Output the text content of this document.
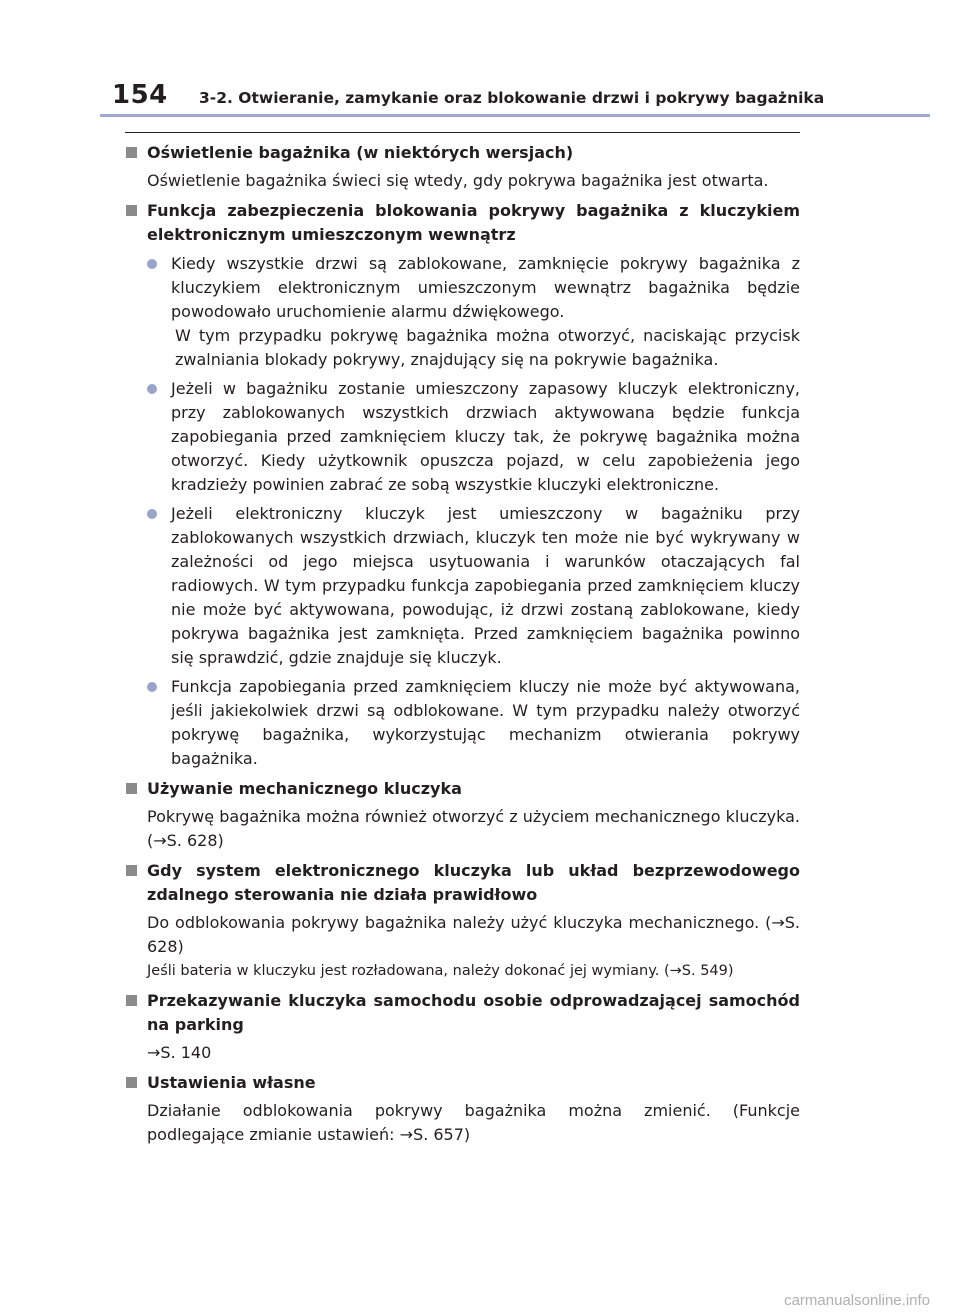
154 3-2. Otwieranie, zamykanie oraz blokowanie drzwi i pokrywy bagażnika
Oświetlenie bagażnika (w niektórych wersjach)
Oświetlenie bagażnika świeci się wtedy, gdy pokrywa bagażnika jest otwarta.
Funkcja zabezpieczenia blokowania pokrywy bagażnika z kluczykiem elektronicznym umieszczonym wewnątrz
Kiedy wszystkie drzwi są zablokowane, zamknięcie pokrywy bagażnika z kluczykiem elektronicznym umieszczonym wewnątrz bagażnika będzie powodowało uruchomienie alarmu dźwiękowego.
W tym przypadku pokrywę bagażnika można otworzyć, naciskając przycisk zwalniania blokady pokrywy, znajdujący się na pokrywie bagażnika.
Jeżeli w bagażniku zostanie umieszczony zapasowy kluczyk elektroniczny, przy zablokowanych wszystkich drzwiach aktywowana będzie funkcja zapobiegania przed zamknięciem kluczy tak, że pokrywę bagażnika można otworzyć. Kiedy użytkownik opuszcza pojazd, w celu zapobieżenia jego kradzieży powinien zabrać ze sobą wszystkie kluczyki elektroniczne.
Jeżeli elektroniczny kluczyk jest umieszczony w bagażniku przy zablokowanych wszystkich drzwiach, kluczyk ten może nie być wykrywany w zależności od jego miejsca usytuowania i warunków otaczających fal radiowych. W tym przypadku funkcja zapobiegania przed zamknięciem kluczy nie może być aktywowana, powodując, iż drzwi zostaną zablokowane, kiedy pokrywa bagażnika jest zamknięta. Przed zamknięciem bagażnika powinno się sprawdzić, gdzie znajduje się kluczyk.
Funkcja zapobiegania przed zamknięciem kluczy nie może być aktywowana, jeśli jakiekolwiek drzwi są odblokowane. W tym przypadku należy otworzyć pokrywę bagażnika, wykorzystując mechanizm otwierania pokrywy bagażnika.
Używanie mechanicznego kluczyka
Pokrywę bagażnika można również otworzyć z użyciem mechanicznego kluczyka. (→S. 628)
Gdy system elektronicznego kluczyka lub układ bezprzewodowego zdalnego sterowania nie działa prawidłowo
Do odblokowania pokrywy bagażnika należy użyć kluczyka mechanicznego. (→S. 628)
Jeśli bateria w kluczyku jest rozładowana, należy dokonać jej wymiany. (→S. 549)
Przekazywanie kluczyka samochodu osobie odprowadzającej samochód na parking
→S. 140
Ustawienia własne
Działanie odblokowania pokrywy bagażnika można zmienić. (Funkcje podlegające zmianie ustawień: →S. 657)
carmanualsonline.info
